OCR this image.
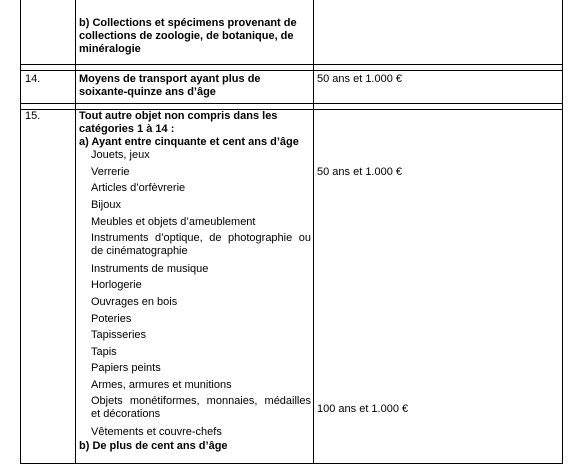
b) Collections et spécimens provenant de collections de zoologie, de botanique, de minéralogie
14.	Moyens de transport ayant plus de soixante-quinze ans d’âge
50 ans et 1.000 €
15.	Tout autre objet non compris dans les catégories 1 à 14 :
a) Ayant entre cinquante et cent ans d’âge
Jouets, jeux
Verrerie
Articles d’orfèvrerie
Bijoux
Meubles et objets d’ameublement
Instruments d’optique, de photographie ou de cinématographie
Instruments de musique
Horlogerie
Ouvrages en bois
Poteries
Tapisseries
Tapis
Papiers peints
Armes, armures et munitions
Objets monétiformes, monnaies, médailles et décorations
Vêtements et couvre-chefs
b) De plus de cent ans d’âge
50 ans et 1.000 €
100 ans et 1.000 €
